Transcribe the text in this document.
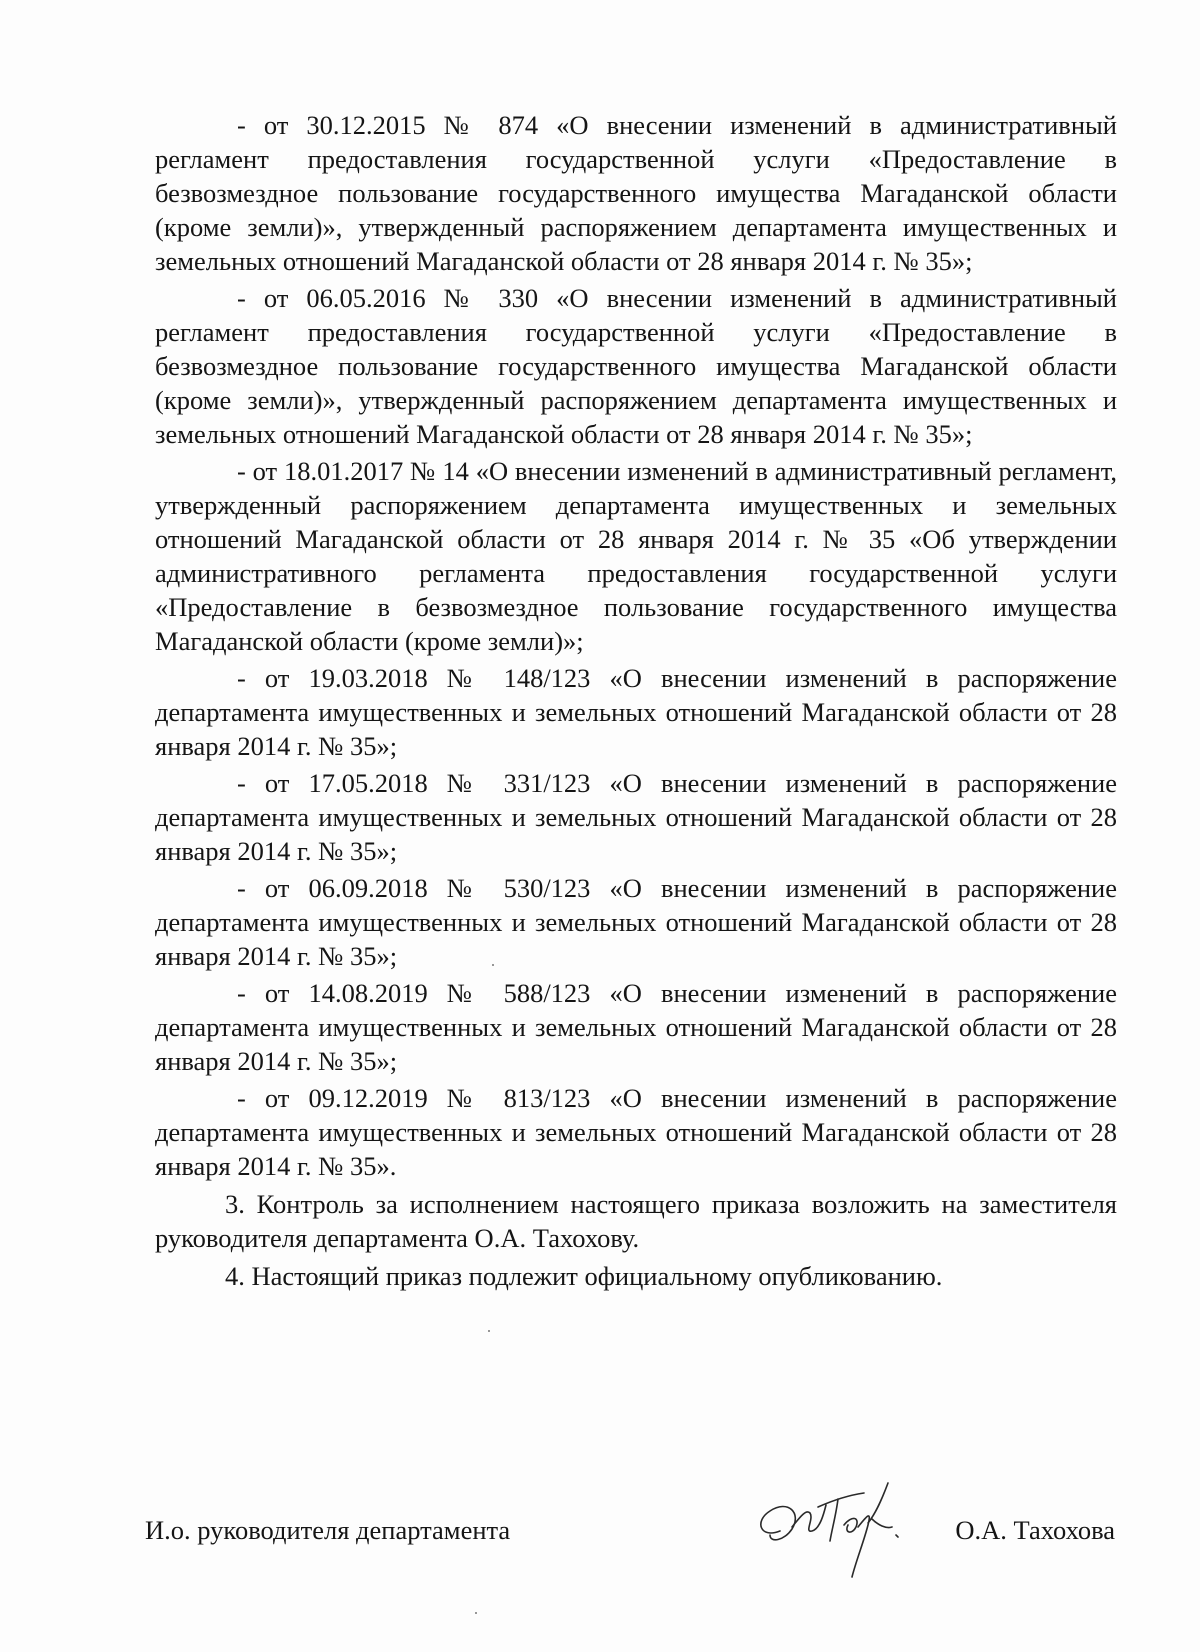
- от 30.12.2015 № 874 «О внесении изменений в административный регламент предоставления государственной услуги «Предоставление в безвозмездное пользование государственного имущества Магаданской области (кроме земли)», утвержденный распоряжением департамента имущественных и земельных отношений Магаданской области от 28 января 2014 г. № 35»;

- от 06.05.2016 № 330 «О внесении изменений в административный регламент предоставления государственной услуги «Предоставление в безвозмездное пользование государственного имущества Магаданской области (кроме земли)», утвержденный распоряжением департамента имущественных и земельных отношений Магаданской области от 28 января 2014 г. № 35»;

- от 18.01.2017 № 14 «О внесении изменений в административный регламент, утвержденный распоряжением департамента имущественных и земельных отношений Магаданской области от 28 января 2014 г. № 35 «Об утверждении административного регламента предоставления государственной услуги «Предоставление в безвозмездное пользование государственного имущества Магаданской области (кроме земли)»;

- от 19.03.2018 № 148/123 «О внесении изменений в распоряжение департамента имущественных и земельных отношений Магаданской области от 28 января 2014 г. № 35»;

- от 17.05.2018 № 331/123 «О внесении изменений в распоряжение департамента имущественных и земельных отношений Магаданской области от 28 января 2014 г. № 35»;

- от 06.09.2018 № 530/123 «О внесении изменений в распоряжение департамента имущественных и земельных отношений Магаданской области от 28 января 2014 г. № 35»;

- от 14.08.2019 № 588/123 «О внесении изменений в распоряжение департамента имущественных и земельных отношений Магаданской области от 28 января 2014 г. № 35»;

- от 09.12.2019 № 813/123 «О внесении изменений в распоряжение департамента имущественных и земельных отношений Магаданской области от 28 января 2014 г. № 35».

3. Контроль за исполнением настоящего приказа возложить на заместителя руководителя департамента О.А. Тахохову.

4. Настоящий приказ подлежит официальному опубликованию.

И.о. руководителя департамента	О.А. Тахохова
